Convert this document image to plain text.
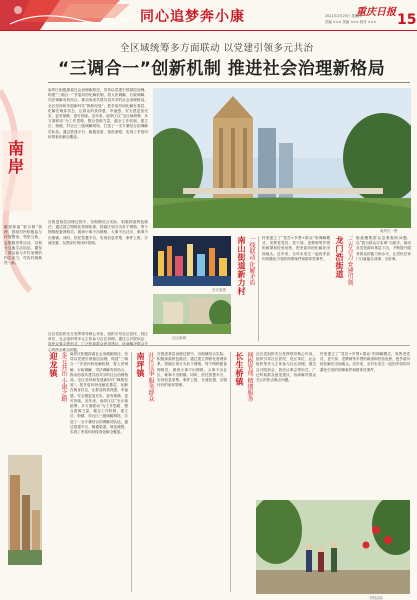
同心追梦奔小康	重庆日报
2021年2月25日 星期四
责编 ××× 美编 ××× 校对 ××× 15
南岸
镇里探索“积分制”管理，鼓励村民积极参与环境整治、邻里互助、志愿服务等活动，以积分兑换生活用品，激发了群众参与乡村治理的内生动力，村容村貌焕然一新。
全区域统筹多方面联动 以党建引领多元共治
“三调合一”创新机制 推进社会治理新格局
南岸区积极探索社会治理新路径，坚持以党建引领基层治理，构建“三调合一”矛盾纠纷化解机制，将人民调解、行政调解、司法调解有机结合，推动形成共建共治共享的社会治理格局。全区坚持和发展新时代“枫桥经验”，把矛盾纠纷化解在基层、化解在萌芽状态，让群众的获得感、幸福感、安全感更加充实、更有保障、更可持续。近年来，南岸区以“全区域统筹、多方面联动”为工作思路，整合资源力量，健全工作机制，建立区、街镇、村社区三级调解网络，打造了一支专兼结合的调解员队伍。通过搭建平台、畅通渠道、规范流程，实现了矛盾纠纷排查化解全覆盖。
在推进基层治理过程中，各街镇结合实际，积极探索特色做法。通过建立网格化管理体系，将辖区划分为若干网格，每个网格配备网格员，做到小事不出网格、大事不出社区、难事不出街镇。同时，依托智慧平台，实现信息采集、事件上报、分流处置、反馈评价的闭环管理。
南岸区一景
社区党组织充分发挥领导核心作用，组织引导社区居民、驻区单位、社会组织等多元主体参与社区治理。通过召开院坝会、 心的热点难点问题。
长江夜景
社区新貌
南山街道新力村 一线联动 化解矛盾 村里建立了“党员+乡贤+群众”的调解模式，发挥老党员、老干部、老教师等乡贤的威望和经验优势，把矛盾纠纷化解在田间地头。近年来，全村未发生一起因矛盾纠纷激化引发的刑事案件和群体性事件。	龙门浩街道 三方合力 党建引领 街道聚焦群众急难愁盼问题，以“我为群众办实事”为抓手，推动各类资源向基层下沉，不断提升服务群众的能力和水平，让居民在家门口就能办成事、办好事。
迎龙镇 多元共治 小康之路 南岸区积极探索社会治理新路径，坚持以党建引领基层治理，构建“三调合一”矛盾纠纷化解机制，将人民调解、行政调解、司法调解有机结合，推动形成共建共治共享的社会治理格局。全区坚持和发展新时代“枫桥经验”，把矛盾纠纷化解在基层、化解在萌芽状态，让群众的获得感、幸福感、安全感更加充实、更有保障、更可持续。近年来，南岸区以“全区域统筹、多方面联动”为工作思路，整合资源力量，健全工作机制，建立区、街镇、村社区三级调解网络，打造了一支专兼结合的调解员队伍。通过搭建平台、畅通渠道、规范流程，实现了矛盾纠纷排查化解全覆盖。
南坪镇 社区议事 服务群众 在推进基层治理过程中，各街镇结合实际，积极探索特色做法。通过建立网格化管理体系，将辖区划分为若干网格，每个网格配备网格员，做到小事不出网格、大事不出社区、难事不出街镇。同时，依托智慧平台，实现信息采集、事件上报、分流处置、反馈评价的闭环管理。	长生桥镇 网格管理 精细服务 社区党组织充分发挥领导核心作用，组织引导社区居民、驻区单位、社会组织等多元主体参与社区治理。通过召开院坝会、居民议事会等形式，广泛听取群众意见建议，协商解决群众关心的热点难点问题。
村里建立了“党员+乡贤+群众”的调解模式，发挥老党员、老干部、老教师等乡贤的威望和经验优势，把矛盾纠纷化解在田间地头。近年来，全村未发生一起因矛盾纠纷激化引发的刑事案件和群体性事件。
村民活动
